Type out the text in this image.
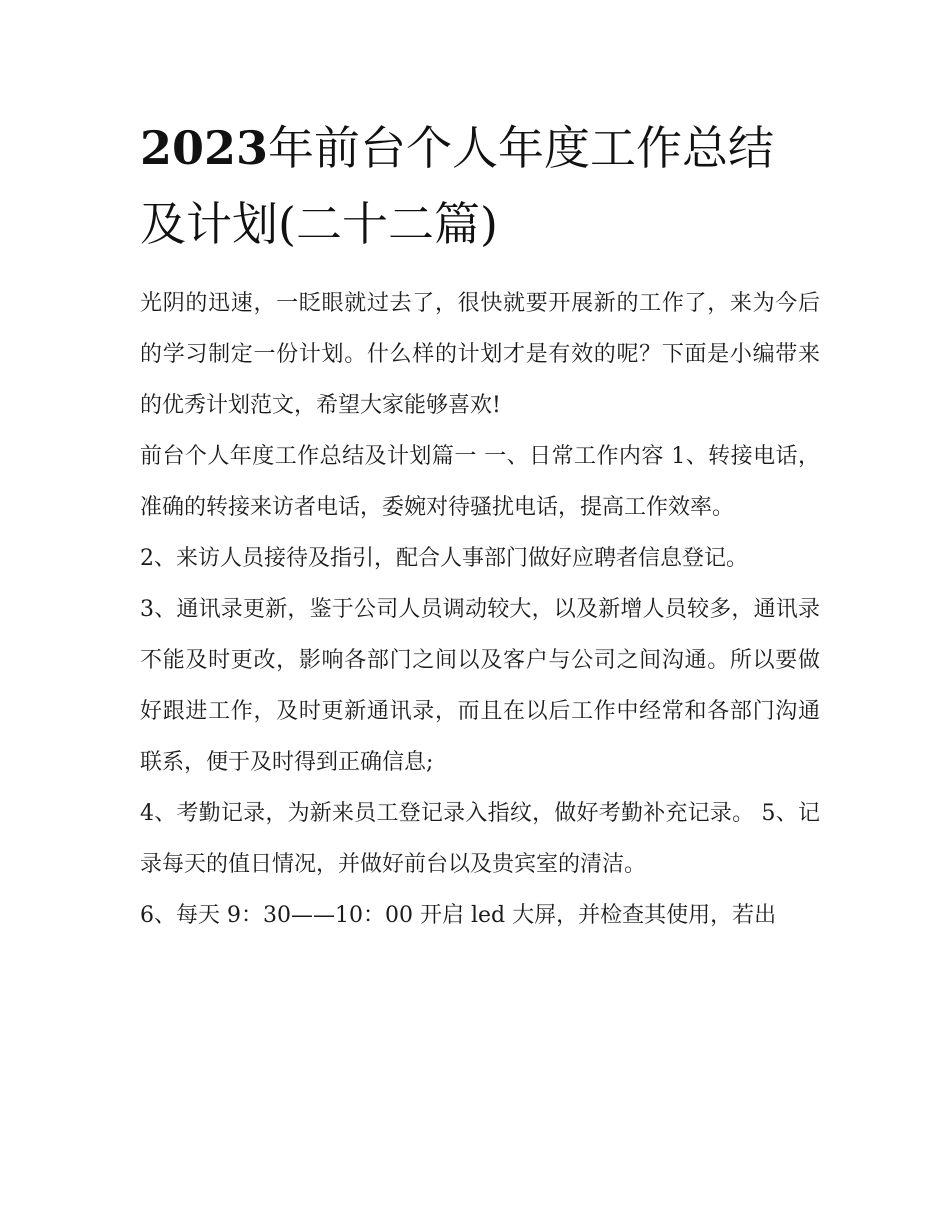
2023年前台个人年度工作总结
及计划(二十二篇)

光阴的迅速，一眨眼就过去了，很快就要开展新的工作了，来为今后的学习制定一份计划。什么样的计划才是有效的呢？下面是小编带来的优秀计划范文，希望大家能够喜欢!

前台个人年度工作总结及计划篇一 一、日常工作内容 1、转接电话，准确的转接来访者电话，委婉对待骚扰电话，提高工作效率。

2、来访人员接待及指引，配合人事部门做好应聘者信息登记。

3、通讯录更新，鉴于公司人员调动较大，以及新增人员较多，通讯录不能及时更改，影响各部门之间以及客户与公司之间沟通。所以要做好跟进工作，及时更新通讯录，而且在以后工作中经常和各部门沟通联系，便于及时得到正确信息;

4、考勤记录，为新来员工登记录入指纹，做好考勤补充记录。 5、记录每天的值日情况，并做好前台以及贵宾室的清洁。

6、每天 9：30——10：00 开启 led 大屏，并检查其使用，若出
